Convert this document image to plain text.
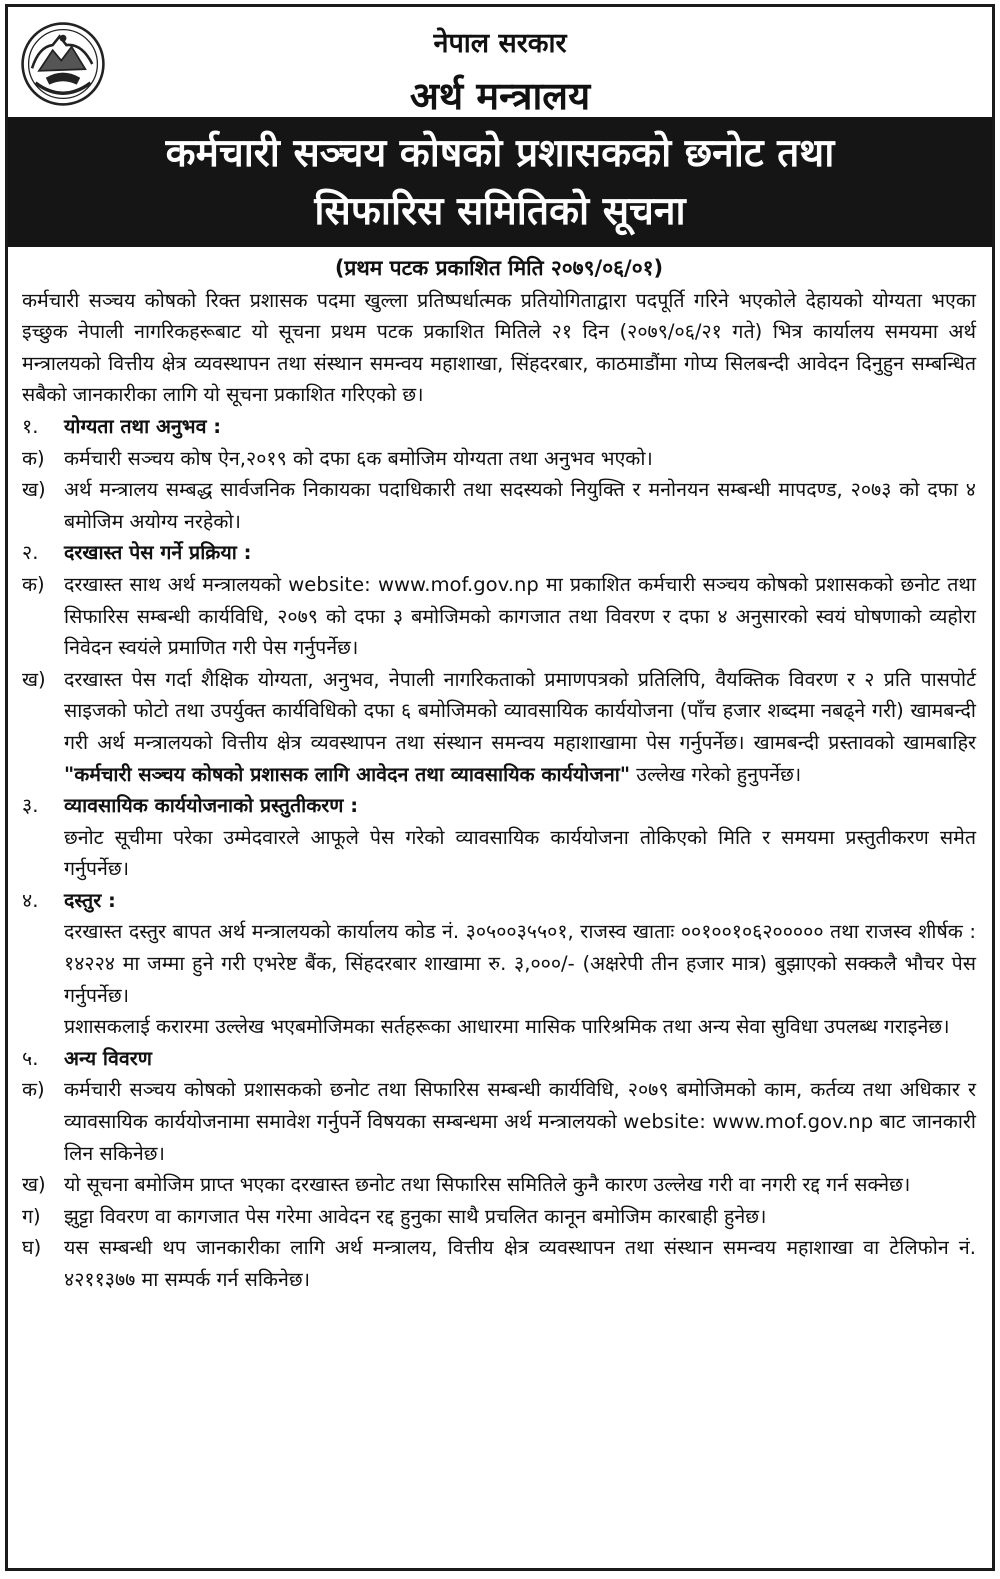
नेपाल सरकार
अर्थ मन्त्रालय
कर्मचारी सञ्चय कोषको प्रशासकको छनोट तथा
सिफारिस समितिको सूचना
(प्रथम पटक प्रकाशित मिति २०७९/०६/०१)
कर्मचारी सञ्चय कोषको रिक्त प्रशासक पदमा खुल्ला प्रतिष्पर्धात्मक प्रतियोगिताद्वारा पदपूर्ति गरिने भएकोले देहायको योग्यता भएका इच्छुक नेपाली नागरिकहरूबाट यो सूचना प्रथम पटक प्रकाशित मितिले २१ दिन (२०७९/०६/२१ गते) भित्र कार्यालय समयमा अर्थ मन्त्रालयको वित्तीय क्षेत्र व्यवस्थापन तथा संस्थान समन्वय महाशाखा, सिंहदरबार, काठमाडौंमा गोप्य सिलबन्दी आवेदन दिनुहुन सम्बन्धित सबैको जानकारीका लागि यो सूचना प्रकाशित गरिएको छ।
१.	योग्यता तथा अनुभव :
क) कर्मचारी सञ्चय कोष ऐन,२०१९ को दफा ६क बमोजिम योग्यता तथा अनुभव भएको।
ख) अर्थ मन्त्रालय सम्बद्ध सार्वजनिक निकायका पदाधिकारी तथा सदस्यको नियुक्ति र मनोनयन सम्बन्धी मापदण्ड, २०७३ को दफा ४ बमोजिम अयोग्य नरहेको।
२.	दरखास्त पेस गर्ने प्रक्रिया :
क) दरखास्त साथ अर्थ मन्त्रालयको website: www.mof.gov.np मा प्रकाशित कर्मचारी सञ्चय कोषको प्रशासकको छनोट तथा सिफारिस सम्बन्धी कार्यविधि, २०७९ को दफा ३ बमोजिमको कागजात तथा विवरण र दफा ४ अनुसारको स्वयं घोषणाको व्यहोरा निवेदन स्वयंले प्रमाणित गरी पेस गर्नुपर्नेछ।
ख) दरखास्त पेस गर्दा शैक्षिक योग्यता, अनुभव, नेपाली नागरिकताको प्रमाणपत्रको प्रतिलिपि, वैयक्तिक विवरण र २ प्रति पासपोर्ट साइजको फोटो तथा उपर्युक्त कार्यविधिको दफा ६ बमोजिमको व्यावसायिक कार्ययोजना (पाँच हजार शब्दमा नबढ्ने गरी) खामबन्दी गरी अर्थ मन्त्रालयको वित्तीय क्षेत्र व्यवस्थापन तथा संस्थान समन्वय महाशाखामा पेस गर्नुपर्नेछ। खामबन्दी प्रस्तावको खामबाहिर "कर्मचारी सञ्चय कोषको प्रशासक लागि आवेदन तथा व्यावसायिक कार्ययोजना" उल्लेख गरेको हुनुपर्नेछ।
३.	व्यावसायिक कार्ययोजनाको प्रस्तुतीकरण :
छनोट सूचीमा परेका उम्मेदवारले आफूले पेस गरेको व्यावसायिक कार्ययोजना तोकिएको मिति र समयमा प्रस्तुतीकरण समेत गर्नुपर्नेछ।
४.	दस्तुर :
दरखास्त दस्तुर बापत अर्थ मन्त्रालयको कार्यालय कोड नं. ३०५००३५५०१, राजस्व खाताः ००१००१०६२००००० तथा राजस्व शीर्षक : १४२२४ मा जम्मा हुने गरी एभरेष्ट बैंक, सिंहदरबार शाखामा रु. ३,०००/- (अक्षरेपी तीन हजार मात्र) बुझाएको सक्कलै भौचर पेस गर्नुपर्नेछ।
प्रशासकलाई करारमा उल्लेख भएबमोजिमका सर्तहरूका आधारमा मासिक पारिश्रमिक तथा अन्य सेवा सुविधा उपलब्ध गराइनेछ।
५.	अन्य विवरण
क) कर्मचारी सञ्चय कोषको प्रशासकको छनोट तथा सिफारिस सम्बन्धी कार्यविधि, २०७९ बमोजिमको काम, कर्तव्य तथा अधिकार र व्यावसायिक कार्ययोजनामा समावेश गर्नुपर्ने विषयका सम्बन्धमा अर्थ मन्त्रालयको website: www.mof.gov.np बाट जानकारी लिन सकिनेछ।
ख) यो सूचना बमोजिम प्राप्त भएका दरखास्त छनोट तथा सिफारिस समितिले कुनै कारण उल्लेख गरी वा नगरी रद्द गर्न सक्नेछ।
ग)	झुट्टा विवरण वा कागजात पेस गरेमा आवेदन रद्द हुनुका साथै प्रचलित कानून बमोजिम कारबाही हुनेछ।
घ)	यस सम्बन्धी थप जानकारीका लागि अर्थ मन्त्रालय, वित्तीय क्षेत्र व्यवस्थापन तथा संस्थान समन्वय महाशाखा वा टेलिफोन नं. ४२११३७७ मा सम्पर्क गर्न सकिनेछ।
